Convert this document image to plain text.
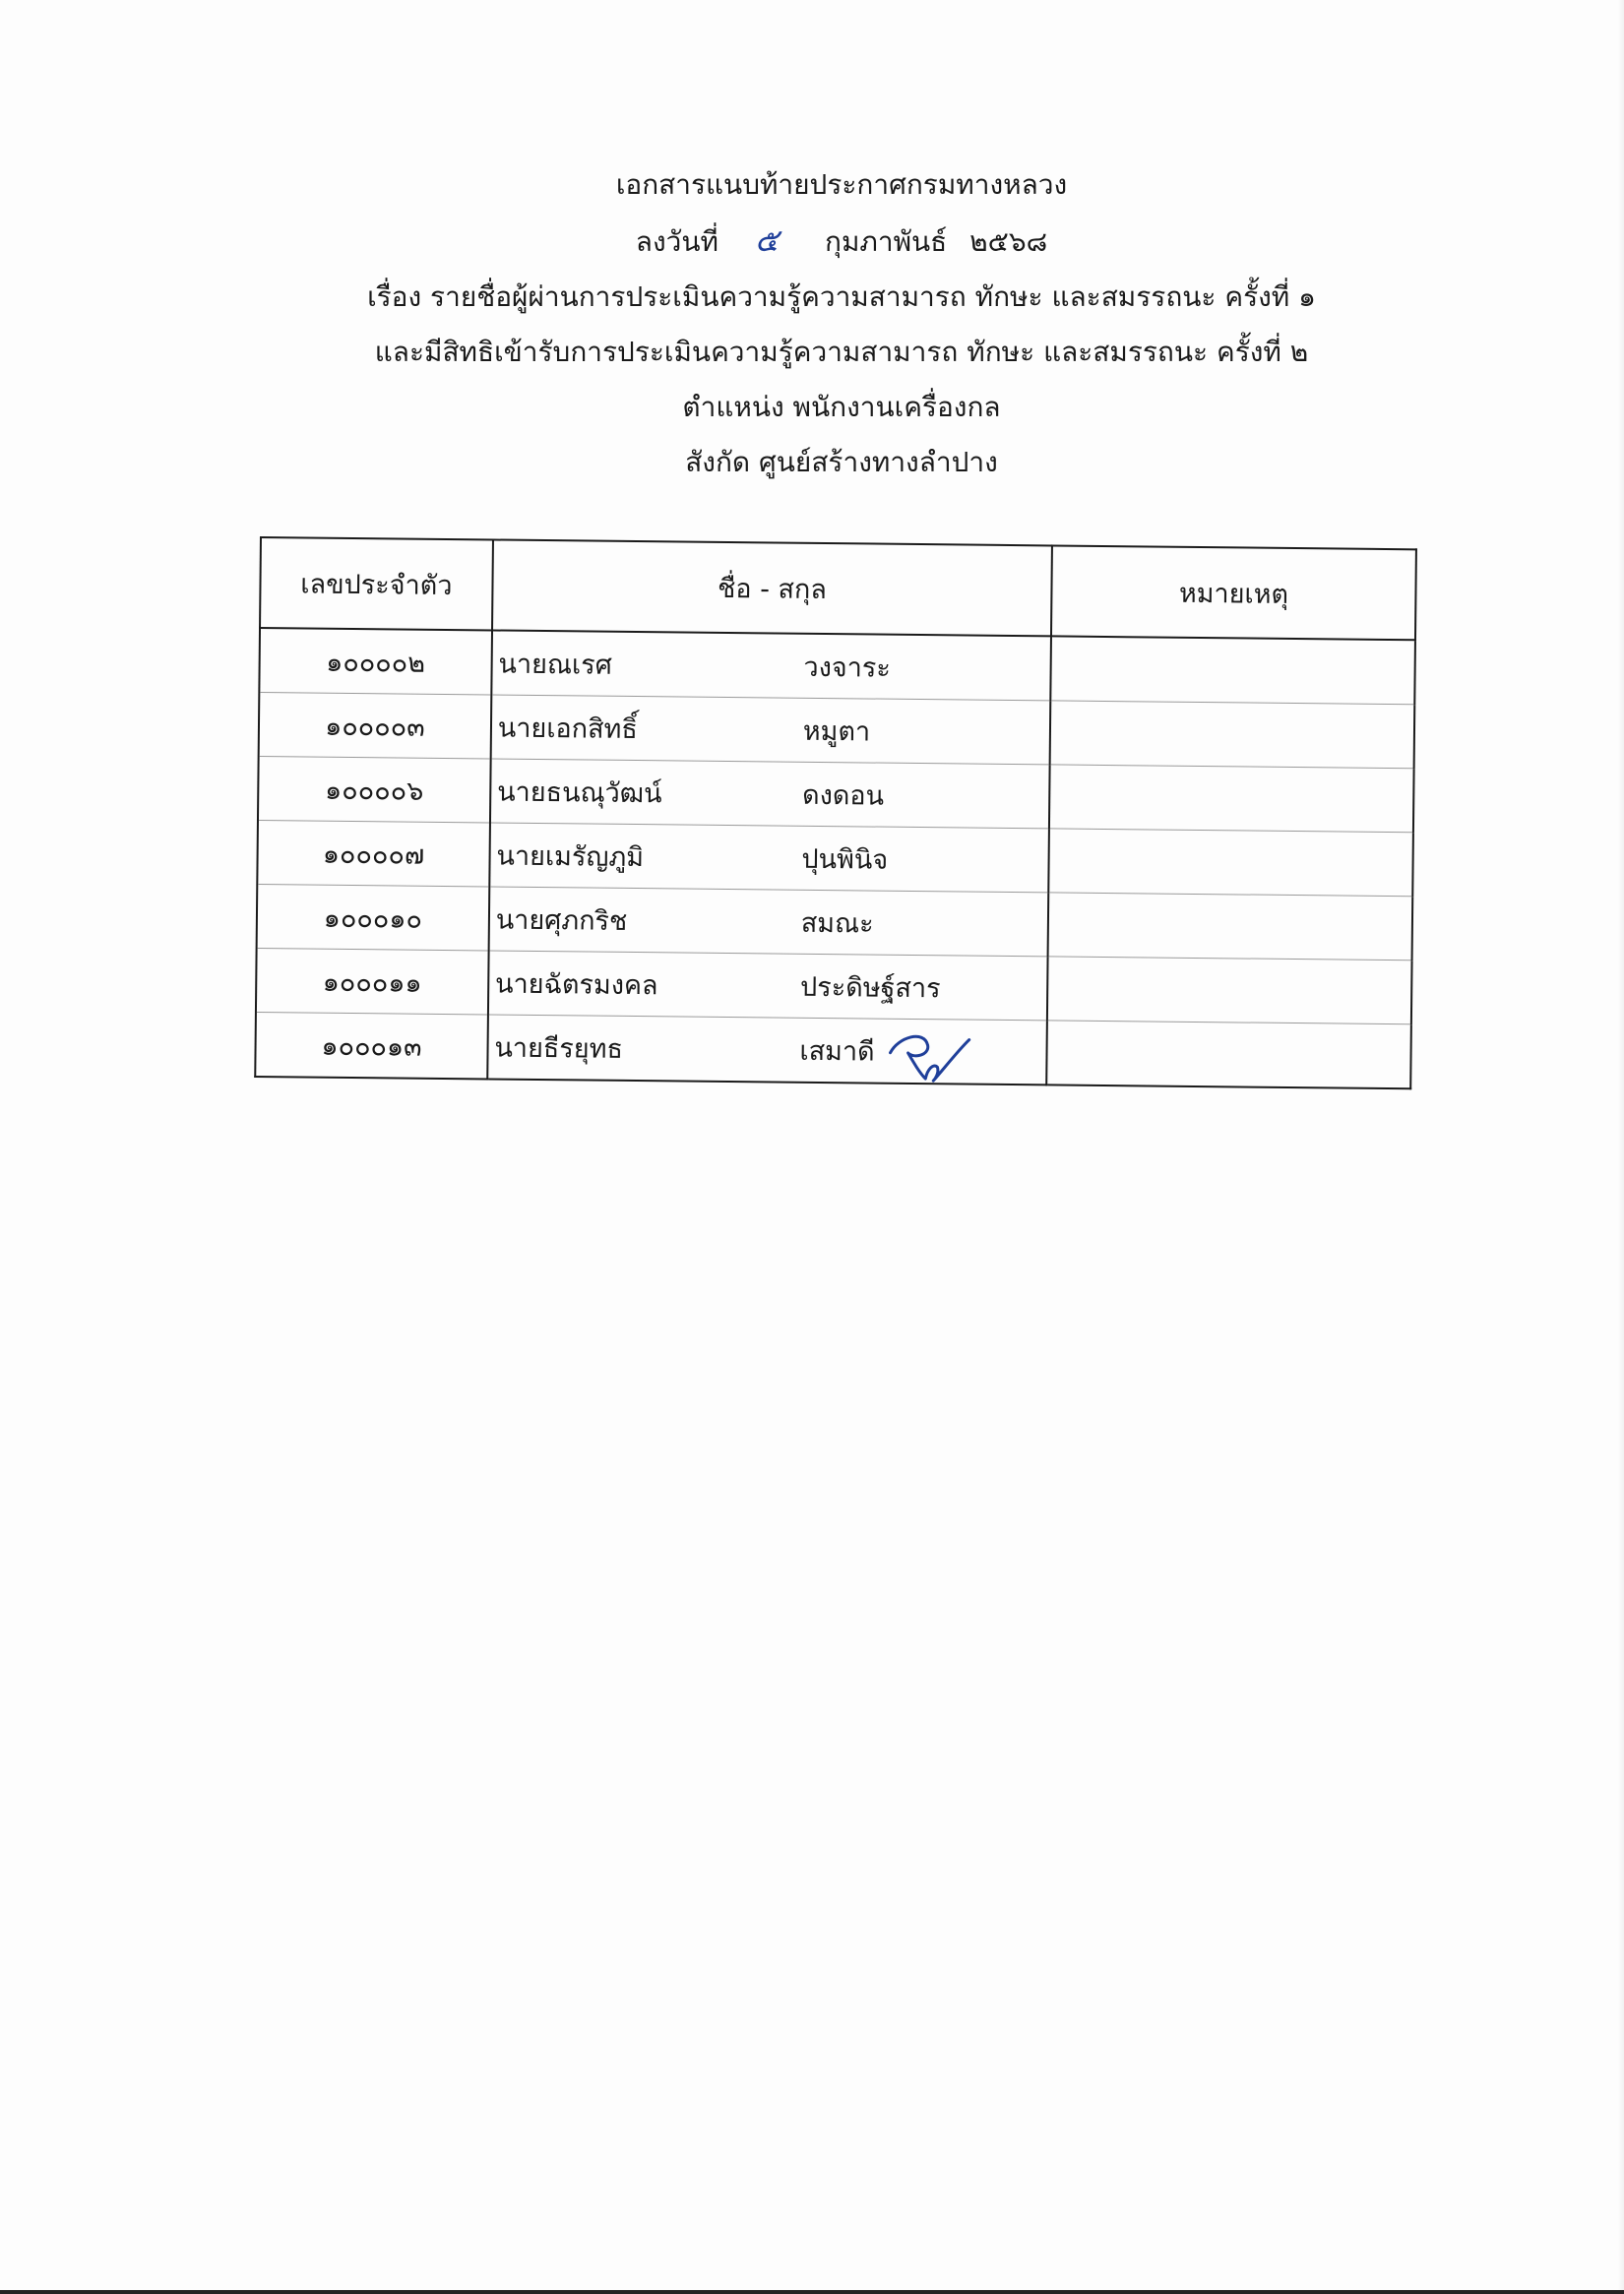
เอกสารแนบท้ายประกาศกรมทางหลวง
ลงวันที่ ๕ กุมภาพันธ์ ๒๕๖๘
เรื่อง รายชื่อผู้ผ่านการประเมินความรู้ความสามารถ ทักษะ และสมรรถนะ ครั้งที่ ๑
และมีสิทธิเข้ารับการประเมินความรู้ความสามารถ ทักษะ และสมรรถนะ ครั้งที่ ๒
ตำแหน่ง พนักงานเครื่องกล
สังกัด ศูนย์สร้างทางลำปาง
เลขประจำตัว	ชื่อ - สกุล	หมายเหตุ
๑๐๐๐๐๒	นายณเรศ วงจาระ	
๑๐๐๐๐๓	นายเอกสิทธิ์ หมูตา	
๑๐๐๐๐๖	นายธนณุวัฒน์ ดงดอน	
๑๐๐๐๐๗	นายเมรัญภูมิ ปุนพินิจ	
๑๐๐๐๑๐	นายศุภกริช สมณะ	
๑๐๐๐๑๑	นายฉัตรมงคล ประดิษฐ์สาร	
๑๐๐๐๑๓	นายธีรยุทธ เสมาดี
